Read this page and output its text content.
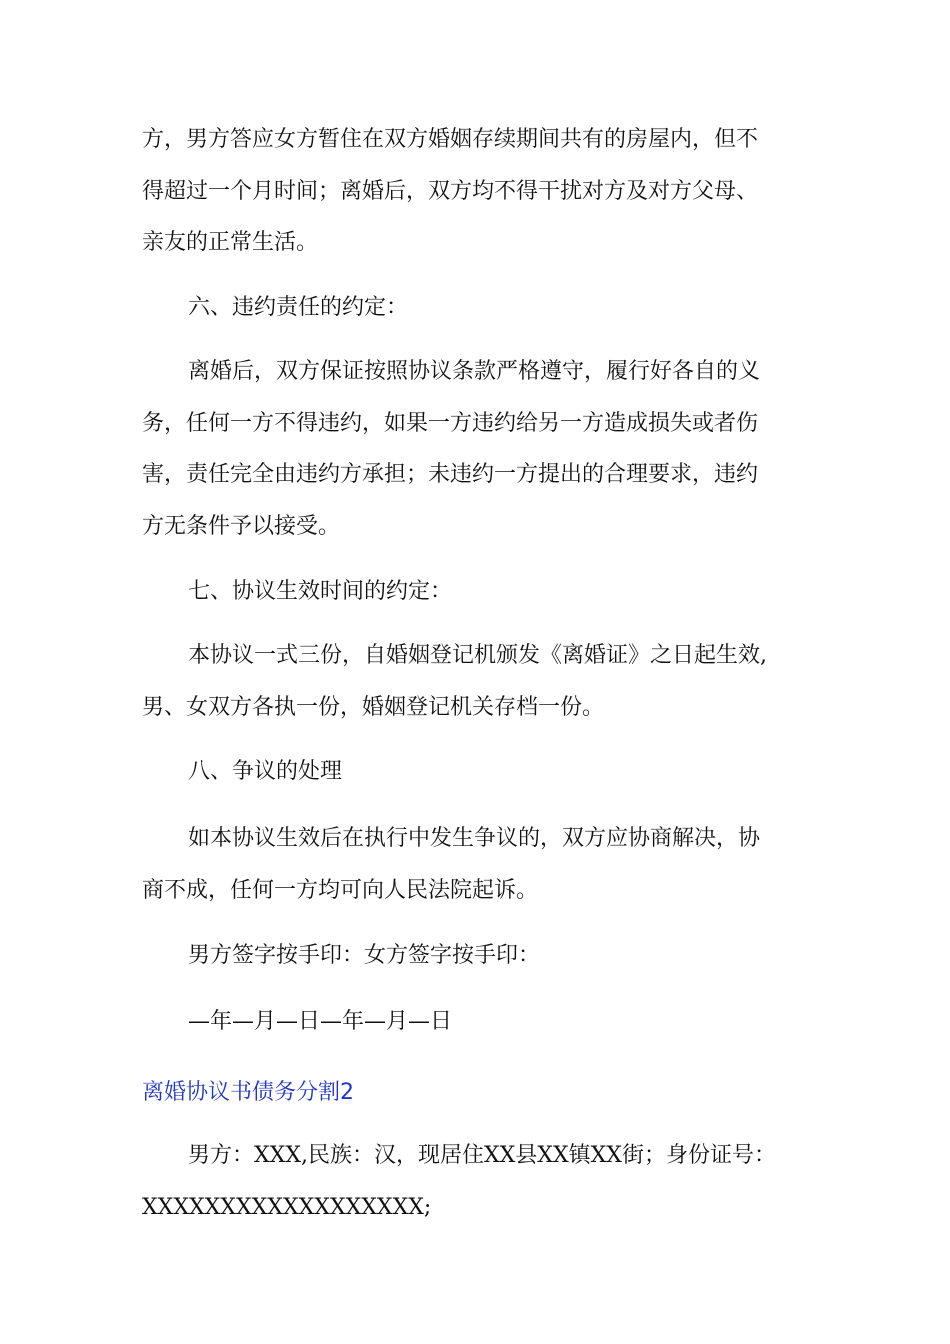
方，男方答应女方暂住在双方婚姻存续期间共有的房屋内，但不
得超过一个月时间；离婚后，双方均不得干扰对方及对方父母、
亲友的正常生活。

六、违约责任的约定：

离婚后，双方保证按照协议条款严格遵守，履行好各自的义
务，任何一方不得违约，如果一方违约给另一方造成损失或者伤
害，责任完全由违约方承担；未违约一方提出的合理要求，违约
方无条件予以接受。

七、协议生效时间的约定：

本协议一式三份，自婚姻登记机颁发《离婚证》之日起生效,
男、女双方各执一份，婚姻登记机关存档一份。

八、争议的处理

如本协议生效后在执行中发生争议的，双方应协商解决，协
商不成，任何一方均可向人民法院起诉。

男方签字按手印：女方签字按手印：

—年—月—日—年—月—日

离婚协议书债务分割2

男方：XXX,民族：汉，现居住XX县XX镇XX街；身份证号：
XXXXXXXXXXXXXXXXXX;
